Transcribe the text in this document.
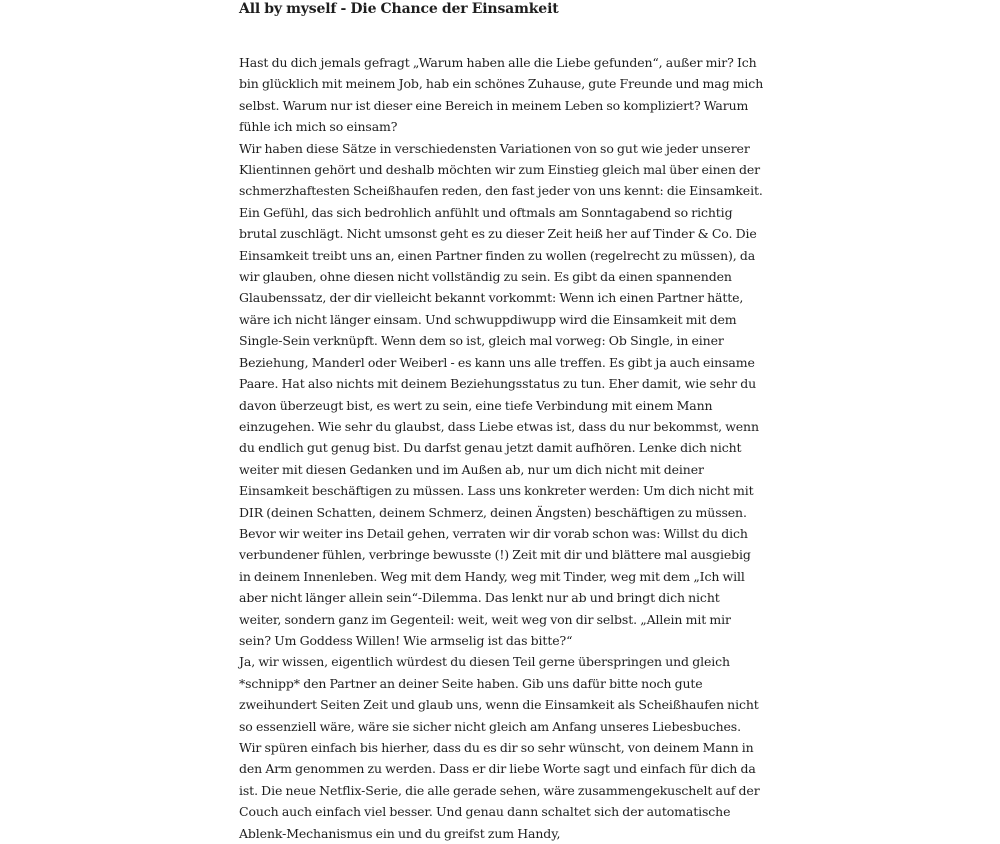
All by myself - Die Chance der Einsamkeit

Hast du dich jemals gefragt „Warum haben alle die Liebe gefunden“, außer mir? Ich bin glücklich mit meinem Job, hab ein schönes Zuhause, gute Freunde und mag mich selbst. Warum nur ist dieser eine Bereich in meinem Leben so kompliziert? Warum fühle ich mich so einsam?

Wir haben diese Sätze in verschiedensten Variationen von so gut wie jeder unserer Klientinnen gehört und deshalb möchten wir zum Einstieg gleich mal über einen der schmerzhaftesten Scheißhaufen reden, den fast jeder von uns kennt: die Einsamkeit. Ein Gefühl, das sich bedrohlich anfühlt und oftmals am Sonntagabend so richtig brutal zuschlägt. Nicht umsonst geht es zu dieser Zeit heiß her auf Tinder & Co. Die Einsamkeit treibt uns an, einen Partner finden zu wollen (regelrecht zu müssen), da wir glauben, ohne diesen nicht vollständig zu sein. Es gibt da einen spannenden Glaubenssatz, der dir vielleicht bekannt vorkommt: Wenn ich einen Partner hätte, wäre ich nicht länger einsam. Und schwuppdiwupp wird die Einsamkeit mit dem Single-Sein verknüpft. Wenn dem so ist, gleich mal vorweg: Ob Single, in einer Beziehung, Manderl oder Weiberl - es kann uns alle treffen. Es gibt ja auch einsame Paare. Hat also nichts mit deinem Beziehungsstatus zu tun. Eher damit, wie sehr du davon überzeugt bist, es wert zu sein, eine tiefe Verbindung mit einem Mann einzugehen. Wie sehr du glaubst, dass Liebe etwas ist, dass du nur bekommst, wenn du endlich gut genug bist. Du darfst genau jetzt damit aufhören. Lenke dich nicht weiter mit diesen Gedanken und im Außen ab, nur um dich nicht mit deiner Einsamkeit beschäftigen zu müssen. Lass uns konkreter werden: Um dich nicht mit DIR (deinen Schatten, deinem Schmerz, deinen Ängsten) beschäftigen zu müssen. Bevor wir weiter ins Detail gehen, verraten wir dir vorab schon was: Willst du dich verbundener fühlen, verbringe bewusste (!) Zeit mit dir und blättere mal ausgiebig in deinem Innenleben. Weg mit dem Handy, weg mit Tinder, weg mit dem „Ich will aber nicht länger allein sein“-Dilemma. Das lenkt nur ab und bringt dich nicht weiter, sondern ganz im Gegenteil: weit, weit weg von dir selbst. „Allein mit mir sein? Um Goddess Willen! Wie armselig ist das bitte?“

Ja, wir wissen, eigentlich würdest du diesen Teil gerne überspringen und gleich *schnipp* den Partner an deiner Seite haben. Gib uns dafür bitte noch gute zweihundert Seiten Zeit und glaub uns, wenn die Einsamkeit als Scheißhaufen nicht so essenziell wäre, wäre sie sicher nicht gleich am Anfang unseres Liebesbuches. Wir spüren einfach bis hierher, dass du es dir so sehr wünscht, von deinem Mann in den Arm genommen zu werden. Dass er dir liebe Worte sagt und einfach für dich da ist. Die neue Netflix-Serie, die alle gerade sehen, wäre zusammengekuschelt auf der Couch auch einfach viel besser. Und genau dann schaltet sich der automatische Ablenk-Mechanismus ein und du greifst zum Handy,
